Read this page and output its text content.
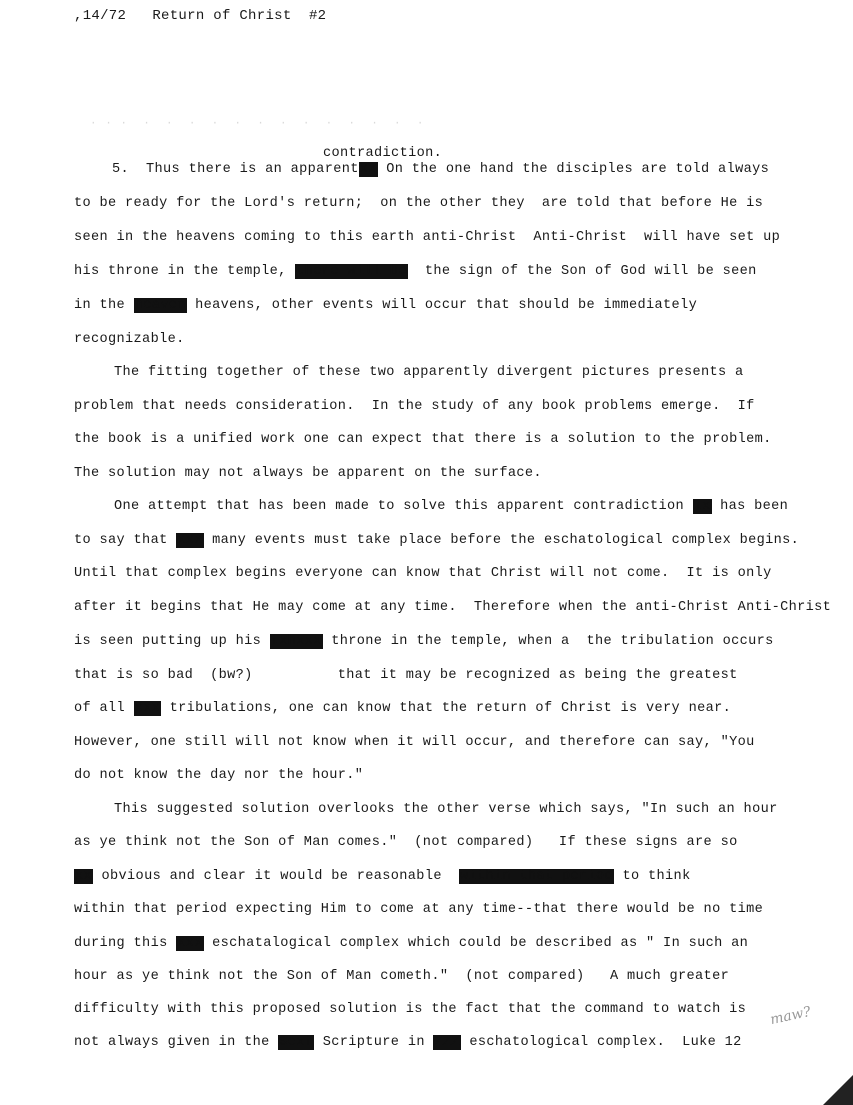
,14/72 Return of Christ #2
· · ·  ·  ·  ·  ·  ·  ·  ·  ·  ·  ·  ·  ·  ·
contradiction.
5.  Thus there is an apparentxx On the one hand the disciples are told always
to be ready for the Lord's return;  on the other they are told that before He is
seen in the heavens coming to this earth anti-Christ  Anti-Christ  will have set up
his throne in the temple, there will be the sign of the Son of God will be seen
in the heaven heavens, other events will occur that should be immediately
recognizable.
The fitting together of these two apparently divergent pictures presents a
problem that needs consideration.  In the study of any book problems emerge.  If
the book is a unified work one can expect that there is a solution to the problem.
The solution may not always be apparent on the surface.
One attempt that has been made to solve this apparent contradiction ix has been
to say that xxx many events must take place before the eschatological complex begins.
Until that complex begins everyone can know that Christ will not come.  It is only
after it begins that He may come at any time.  Therefore when the anti-Christ Anti-Christ
is seen putting up his txhxxx throne in the temple, when a  the tribulation occurs
that is so bad  (bw?)	that it may be recognized as being the greatest
of all xxx tribulations, one can know that the return of Christ is very near.
However, one still will not know when it will occur, and therefore can say, "You
do not know the day nor the hour."
This suggested solution overlooks the other verse which says, "In such an hour
as ye think not the Son of Man comes."  (not compared)   If these signs are so
xx obvious and clear it would be reasonable within that period to think
within that period expecting Him to come at any time--that there would be no time
during this xxx eschatalogical complex which could be described as " In such an
hour as ye think not the Son of Man cometh."  (not compared)   A much greater
difficulty with this proposed solution is the fact that the command to watch is
not always given in the Sext Scripture in ZZZ eschatological complex.  Luke 12
maw?
